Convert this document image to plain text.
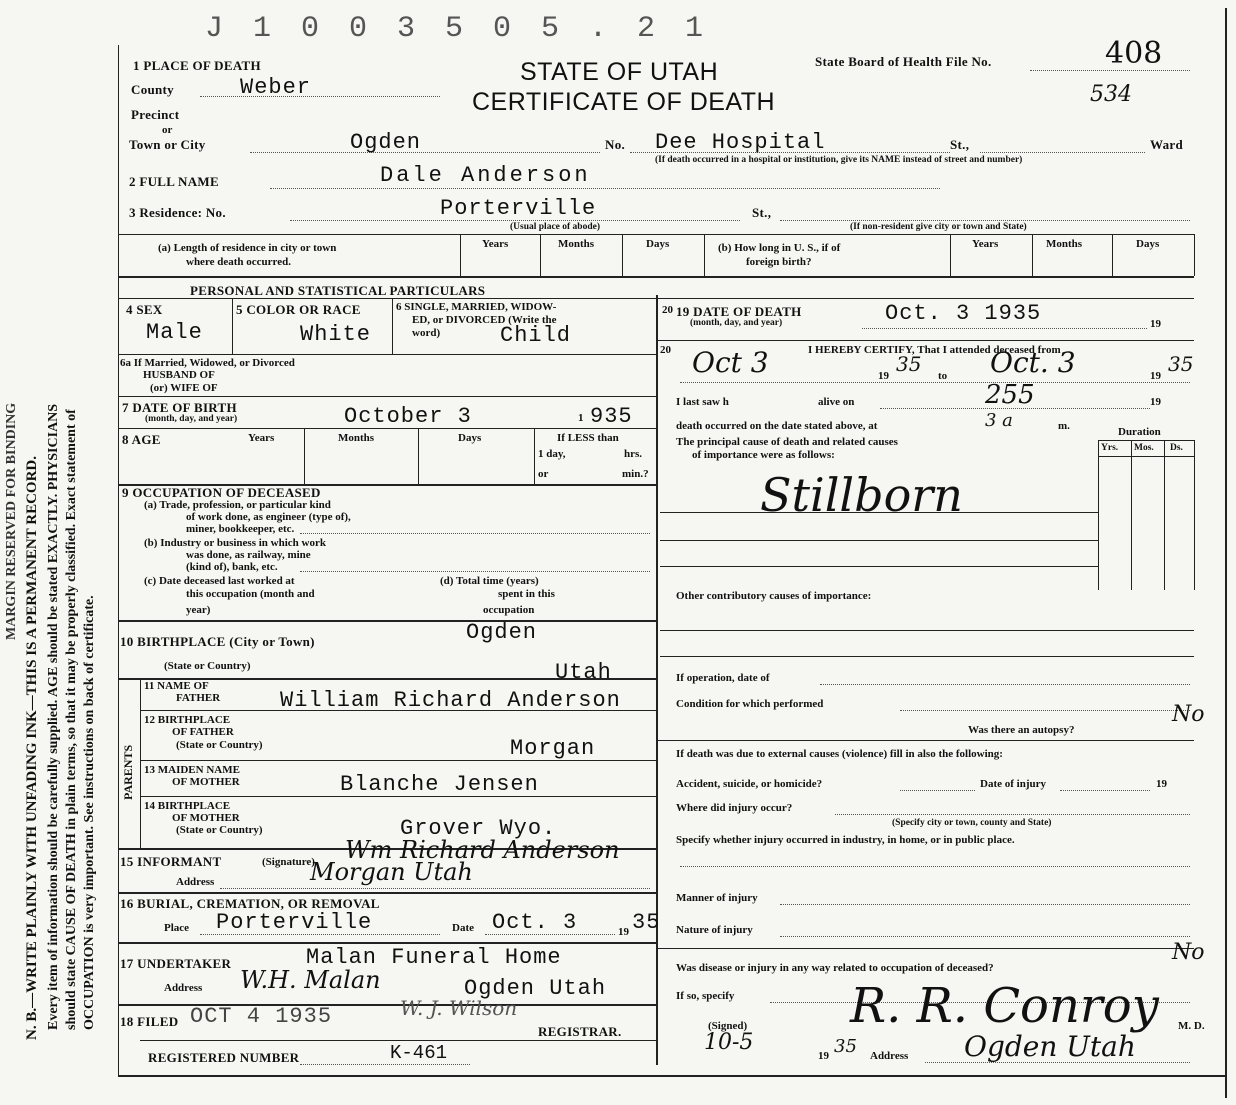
N. B.—WRITE PLAINLY WITH UNFADING INK—THIS IS A PERMANENT RECORD. Every item of information should be carefully supplied. AGE should be stated EXACTLY. PHYSICIANS should state CAUSE OF DEATH in plain terms, so that it may be properly classified. Exact statement of OCCUPATION is very important. See instructions on back of certificate.
MARGIN RESERVED FOR BINDING
J 1 0 0 3 5 0 5 . 2 1
STATE OF UTAH
CERTIFICATE OF DEATH
State Board of Health File No.	408
534
1 PLACE OF DEATH
County	Weber
Precinct
or
Town or City	Ogden	No. Dee Hospital	St.,	Ward
(If death occurred in a hospital or institution, give its NAME instead of street and number)
2 FULL NAME	Dale Anderson
3 Residence: No.	Porterville	St.,
(Usual place of abode)	(If non-resident give city or town and State)
(a) Length of residence in city or town
where death occurred.
Years	Months	Days	(b) How long in U. S., if of
foreign birth?
Years	Months	Days
PERSONAL AND STATISTICAL PARTICULARS
4 SEX
Male
5 COLOR OR RACE
White
6 SINGLE, MARRIED, WIDOW-
ED, or DIVORCED (Write the
word)	Child
6a If Married, Widowed, or Divorced
HUSBAND OF
(or) WIFE OF
7 DATE OF BIRTH
(month, day, and year)	October 3	1 935
8 AGE	Years	Months	Days	If LESS than
1 day,	hrs.
or	min.?
9 OCCUPATION OF DECEASED
(a) Trade, profession, or particular kind
of work done, as engineer (type of),
miner, bookkeeper, etc.
(b) Industry or business in which work
was done, as railway, mine
(kind of), bank, etc.
(c) Date deceased last worked at
this occupation (month and
year)
(d) Total time (years)
spent in this
occupation
10 BIRTHPLACE (City or Town)	Ogden
(State or Country)	Utah
PARENTS
11 NAME OF
FATHER	William Richard Anderson
12 BIRTHPLACE
OF FATHER
(State or Country)	Morgan
13 MAIDEN NAME
OF MOTHER	Blanche Jensen
14 BIRTHPLACE
OF MOTHER
(State or Country)	Grover Wyo.
15 INFORMANT	(Signature) Wm Richard Anderson
Address	Morgan Utah
16 BURIAL, CREMATION, OR REMOVAL
Place Porterville	Date Oct. 3	19 35
17 UNDERTAKER	Malan Funeral Home
Address W.H. Malan	Ogden Utah
18 FILED OCT 4 1935	W. J. Wilson
REGISTRAR.
REGISTERED NUMBER	K-461
20 19 DATE OF DEATH
(month, day, and year)	Oct. 3 1935	19
20	I HEREBY CERTIFY, That I attended deceased from
Oct 3	19 35 to Oct. 3	19 35
I last saw h	alive on	255	19
death occurred on the date stated above, at	3 a	m.	Duration
The principal cause of death and related causes
of importance were as follows:
Yrs. Mos. Ds.
Stillborn
Other contributory causes of importance:
If operation, date of
Condition for which performed
Was there an autopsy?
No
If death was due to external causes (violence) fill in also the following:
Accident, suicide, or homicide?	Date of injury	19
Where did injury occur?
(Specify city or town, county and State)
Specify whether injury occurred in industry, in home, or in public place.
Manner of injury
Nature of injury
Was disease or injury in any way related to occupation of deceased?
No
If so, specify
(Signed) R. R. Conroy M. D.
10-5
19 35 Address Ogden Utah
